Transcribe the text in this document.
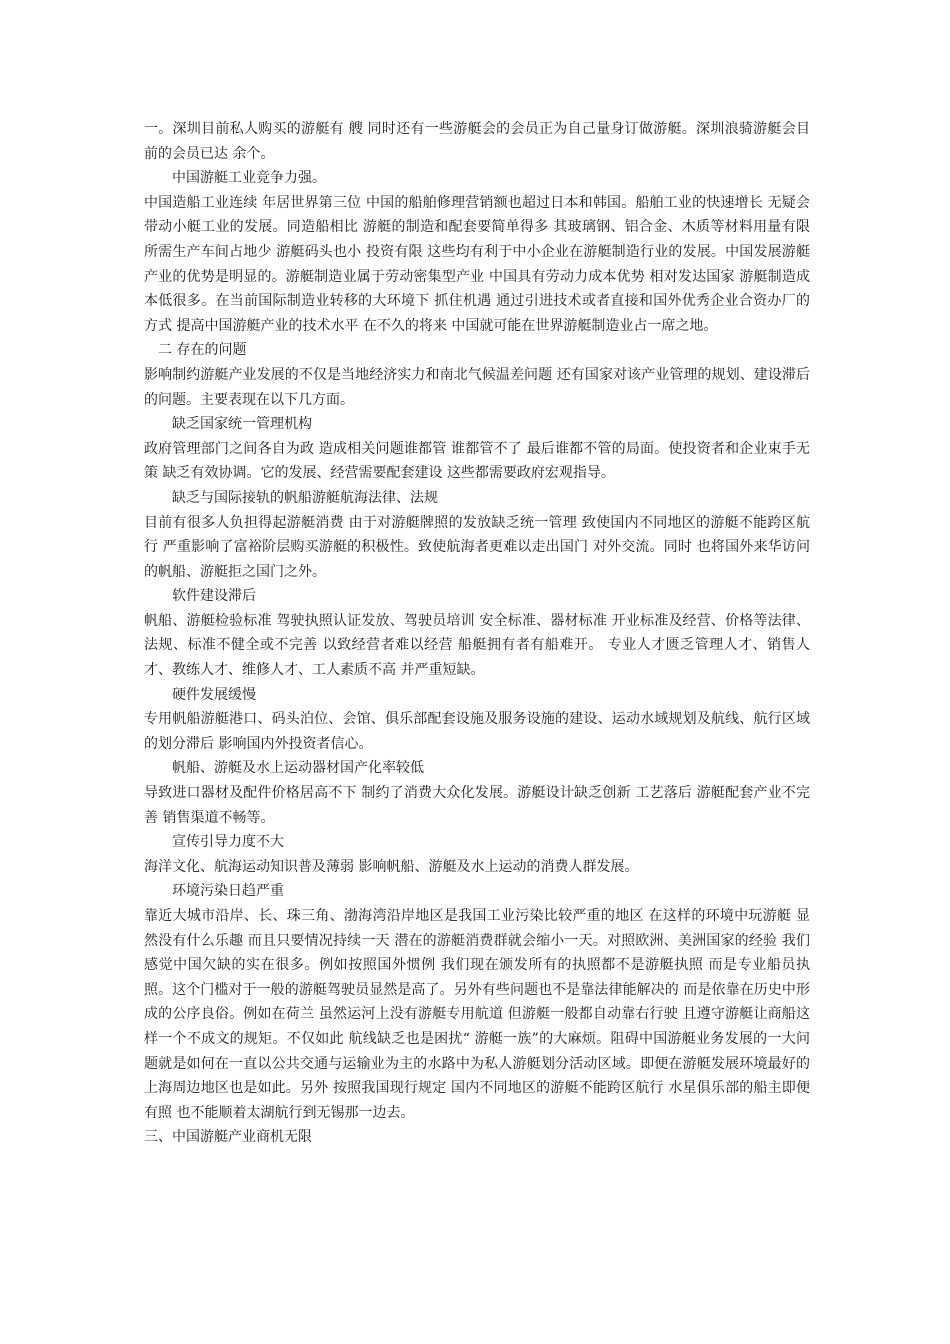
一。深圳目前私人购买的游艇有 艘 同时还有一些游艇会的会员正为自己量身订做游艇。深圳浪骑游艇会目前的会员已达 余个。

中国游艇工业竞争力强。

中国造船工业连续 年居世界第三位 中国的船舶修理营销额也超过日本和韩国。船舶工业的快速增长 无疑会带动小艇工业的发展。同造船相比 游艇的制造和配套要简单得多 其玻璃钢、铝合金、木质等材料用量有限 所需生产车间占地少 游艇码头也小 投资有限 这些均有利于中小企业在游艇制造行业的发展。中国发展游艇产业的优势是明显的。游艇制造业属于劳动密集型产业 中国具有劳动力成本优势 相对发达国家 游艇制造成本低很多。在当前国际制造业转移的大环境下 抓住机遇 通过引进技术或者直接和国外优秀企业合资办厂的方式 提高中国游艇产业的技术水平 在不久的将来 中国就可能在世界游艇制造业占一席之地。

二 存在的问题

影响制约游艇产业发展的不仅是当地经济实力和南北气候温差问题 还有国家对该产业管理的规划、建设滞后的问题。主要表现在以下几方面。

缺乏国家统一管理机构

政府管理部门之间各自为政 造成相关问题谁都管 谁都管不了 最后谁都不管的局面。使投资者和企业束手无策 缺乏有效协调。它的发展、经营需要配套建设 这些都需要政府宏观指导。

缺乏与国际接轨的帆船游艇航海法律、法规

目前有很多人负担得起游艇消费 由于对游艇牌照的发放缺乏统一管理 致使国内不同地区的游艇不能跨区航行 严重影响了富裕阶层购买游艇的积极性。致使航海者更难以走出国门 对外交流。同时 也将国外来华访问的帆船、游艇拒之国门之外。

软件建设滞后

帆船、游艇检验标准 驾驶执照认证发放、驾驶员培训 安全标准、器材标准 开业标准及经营、价格等法律、法规、标准不健全或不完善 以致经营者难以经营 船艇拥有者有船难开。 专业人才匮乏管理人才、销售人才、教练人才、维修人才、工人素质不高 并严重短缺。

硬件发展缓慢

专用帆船游艇港口、码头泊位、会馆、俱乐部配套设施及服务设施的建设、运动水域规划及航线、航行区域的划分滞后 影响国内外投资者信心。

帆船、游艇及水上运动器材国产化率较低

导致进口器材及配件价格居高不下 制约了消费大众化发展。游艇设计缺乏创新 工艺落后 游艇配套产业不完善 销售渠道不畅等。

宣传引导力度不大

海洋文化、航海运动知识普及薄弱 影响帆船、游艇及水上运动的消费人群发展。

环境污染日趋严重

靠近大城市沿岸、长、珠三角、渤海湾沿岸地区是我国工业污染比较严重的地区 在这样的环境中玩游艇 显然没有什么乐趣 而且只要情况持续一天 潜在的游艇消费群就会缩小一天。对照欧洲、美洲国家的经验 我们感觉中国欠缺的实在很多。例如按照国外惯例 我们现在颁发所有的执照都不是游艇执照 而是专业船员执照。这个门槛对于一般的游艇驾驶员显然是高了。另外有些问题也不是靠法律能解决的 而是依靠在历史中形成的公序良俗。例如在荷兰 虽然运河上没有游艇专用航道 但游艇一般都自动靠右行驶 且遵守游艇让商船这样一个不成文的规矩。不仅如此 航线缺乏也是困扰“ 游艇一族”的大麻烦。阻碍中国游艇业务发展的一大问题就是如何在一直以公共交通与运输业为主的水路中为私人游艇划分活动区域。即便在游艇发展环境最好的上海周边地区也是如此。另外 按照我国现行规定 国内不同地区的游艇不能跨区航行 水星俱乐部的船主即便有照 也不能顺着太湖航行到无锡那一边去。

三、中国游艇产业商机无限
